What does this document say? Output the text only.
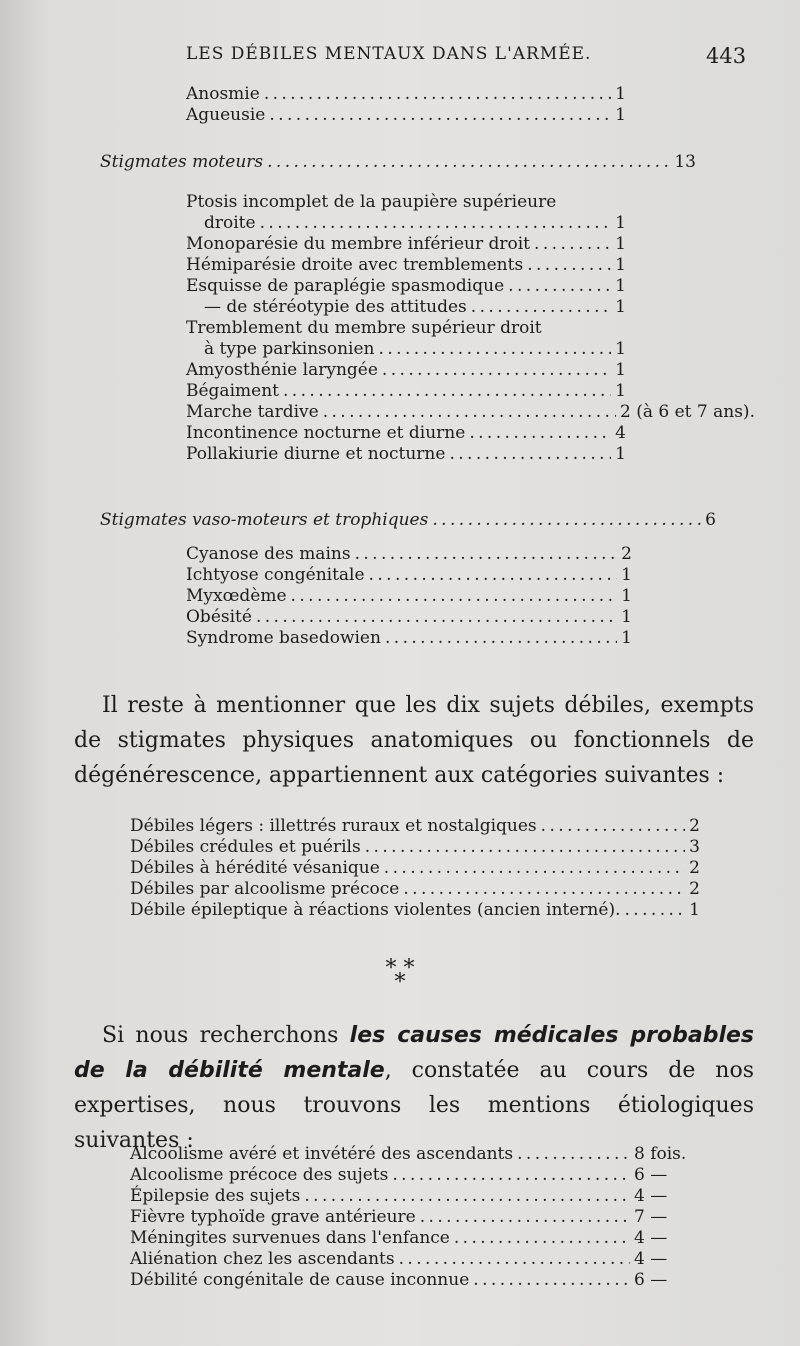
LES DÉBILES MENTAUX DANS L'ARMÉE.	443
Anosmie . . .	1
Agueusie . . .	1
Stigmates moteurs . . .	13
Ptosis incomplet de la paupière supérieure
droite . . .	1
Monoparésie du membre inférieur droit . . .	1
Hémiparésie droite avec tremblements . . .	1
Esquisse de paraplégie spasmodique . . .	1
— de stéréotypie des attitudes . . .	1
Tremblement du membre supérieur droit
à type parkinsonien . . .	1
Amyosthénie laryngée . . .	1
Bégaiment . . .	1
Marche tardive . . .	2 (à 6 et 7 ans).
Incontinence nocturne et diurne . . .	4
Pollakiurie diurne et nocturne . . .	1
Stigmates vaso-moteurs et trophiques . . .	6
Cyanose des mains . . .	2
Ichtyose congénitale . . .	1
Myxœdème . . .	1
Obésité . . .	1
Syndrome basedowien . . .	1

Il reste à mentionner que les dix sujets débiles, exempts de stigmates physiques anatomiques ou fonctionnels de dégénérescence, appartiennent aux catégories suivantes :

Débiles légers : illettrés ruraux et nostalgiques . . .	2
Débiles crédules et puérils . . .	3
Débiles à hérédité vésanique . . .	2
Débiles par alcoolisme précoce . . .	2
Débile épileptique à réactions violentes (ancien interné). . . .	1
* * *

Si nous recherchons les causes médicales probables de la débilité mentale, constatée au cours de nos expertises, nous trouvons les mentions étiologiques suivantes :

Alcoolisme avéré et invétéré des ascendants . . .	8 fois.
Alcoolisme précoce des sujets . . .	6 —
Épilepsie des sujets . . .	4 —
Fièvre typhoïde grave antérieure . . .	7 —
Méningites survenues dans l'enfance . . .	4 —
Aliénation chez les ascendants . . .	4 —
Débilité congénitale de cause inconnue . . .	6 —
